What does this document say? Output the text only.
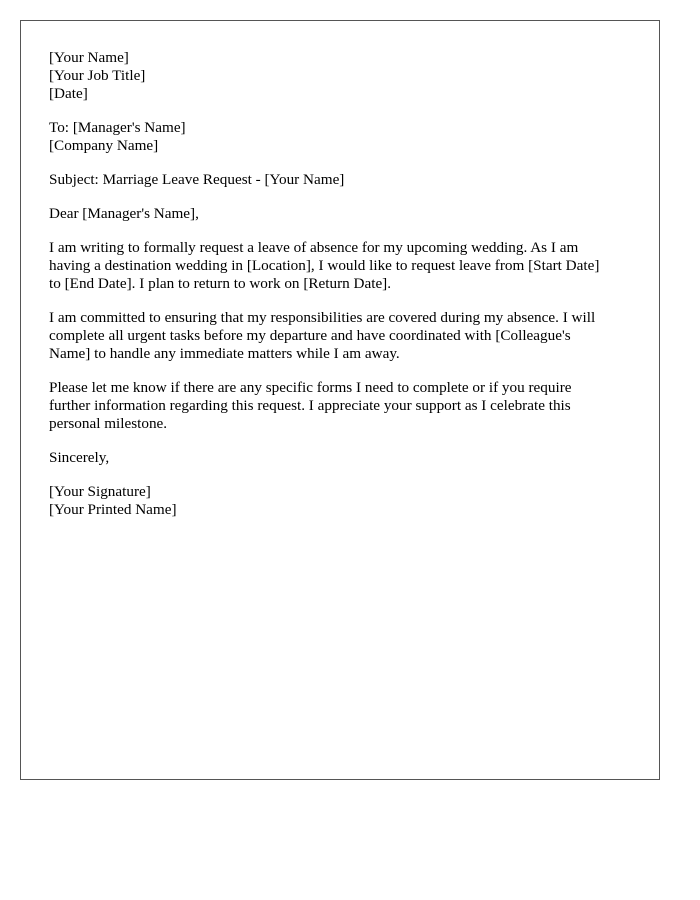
[Your Name]
[Your Job Title]
[Date]
To: [Manager's Name]
[Company Name]
Subject: Marriage Leave Request - [Your Name]
Dear [Manager's Name],
I am writing to formally request a leave of absence for my upcoming wedding. As I am
having a destination wedding in [Location], I would like to request leave from [Start Date]
to [End Date]. I plan to return to work on [Return Date].
I am committed to ensuring that my responsibilities are covered during my absence. I will
complete all urgent tasks before my departure and have coordinated with [Colleague's
Name] to handle any immediate matters while I am away.
Please let me know if there are any specific forms I need to complete or if you require
further information regarding this request. I appreciate your support as I celebrate this
personal milestone.
Sincerely,
[Your Signature]
[Your Printed Name]
